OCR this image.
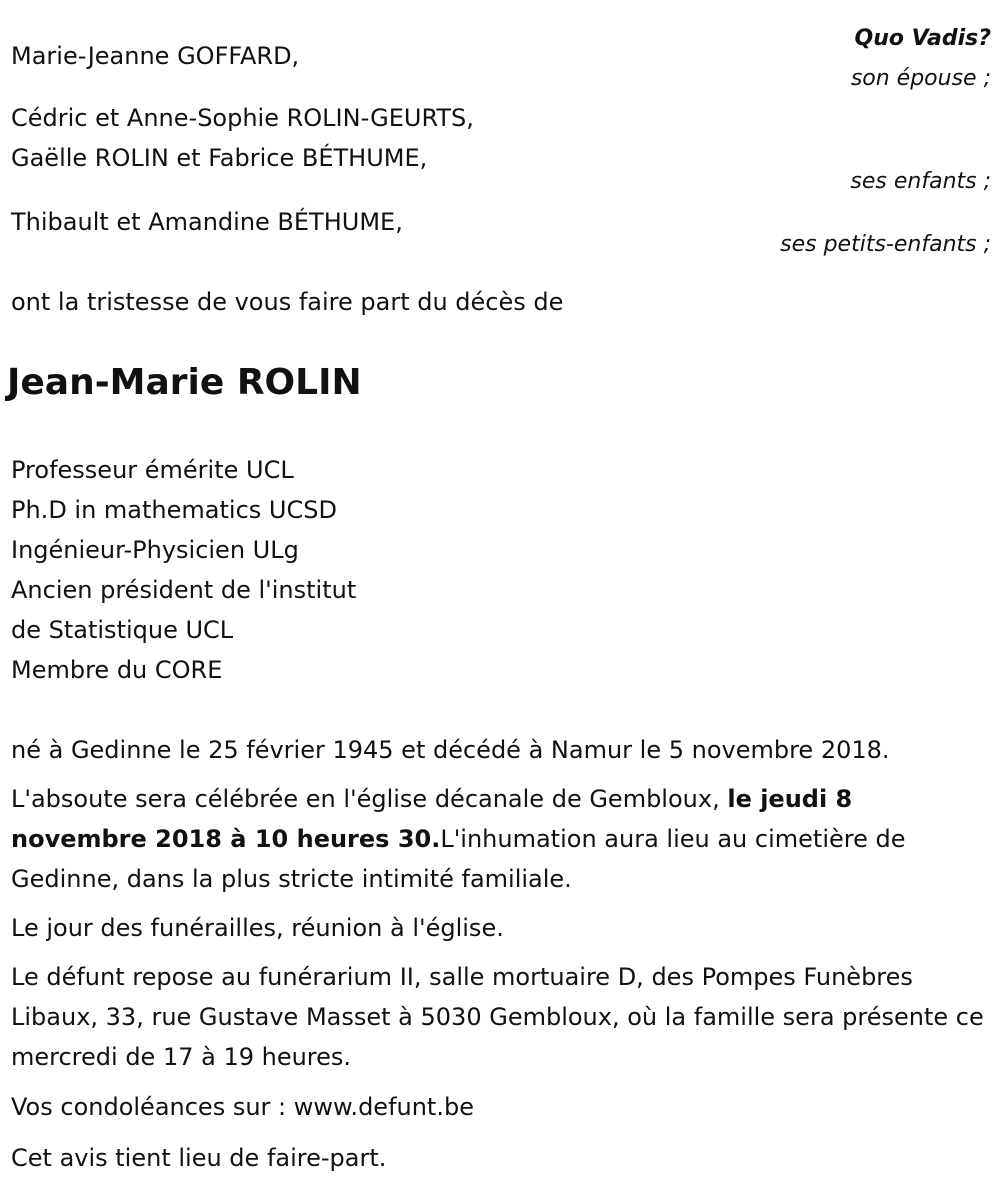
Quo Vadis?
Marie-Jeanne GOFFARD,
son épouse ;
Cédric et Anne-Sophie ROLIN-GEURTS,
Gaëlle ROLIN et Fabrice BÉTHUME,
ses enfants ;
Thibault et Amandine BÉTHUME,
ses petits-enfants ;
ont la tristesse de vous faire part du décès de
Jean-Marie ROLIN
Professeur émérite UCL
Ph.D in mathematics UCSD
Ingénieur-Physicien ULg
Ancien président de l'institut
de Statistique UCL
Membre du CORE
né à Gedinne le 25 février 1945 et décédé à Namur le 5 novembre 2018.
L'absoute sera célébrée en l'église décanale de Gembloux, le jeudi 8 novembre 2018 à 10 heures 30.L'inhumation aura lieu au cimetière de Gedinne, dans la plus stricte intimité familiale.
Le jour des funérailles, réunion à l'église.
Le défunt repose au funérarium II, salle mortuaire D, des Pompes Funèbres Libaux, 33, rue Gustave Masset à 5030 Gembloux, où la famille sera présente ce mercredi de 17 à 19 heures.
Vos condoléances sur : www.defunt.be
Cet avis tient lieu de faire-part.
